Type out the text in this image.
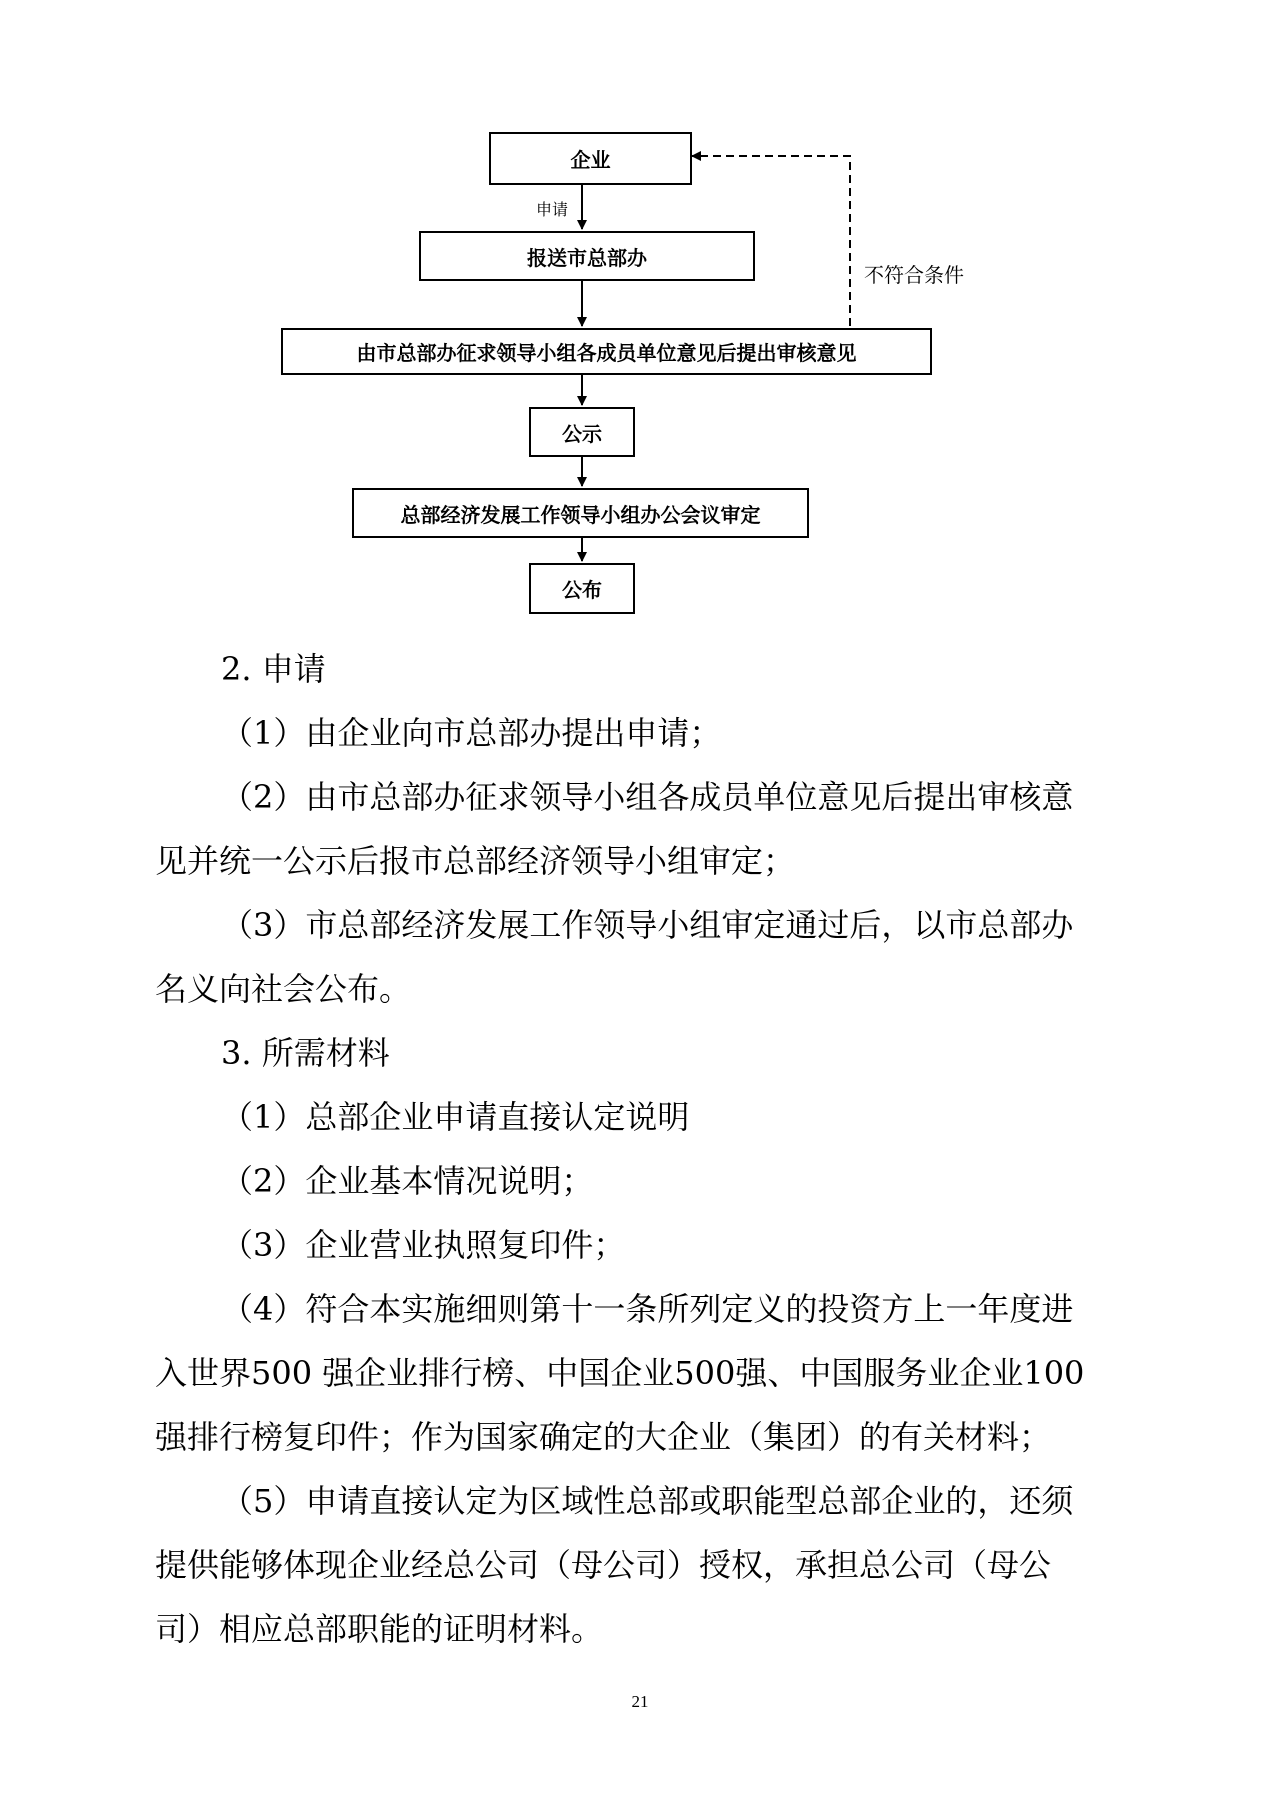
企业
申请
报送市总部办
不符合条件
由市总部办征求领导小组各成员单位意见后提出审核意见
公示
总部经济发展工作领导小组办公会议审定
公布
2. 申请
（1）由企业向市总部办提出申请；
（2）由市总部办征求领导小组各成员单位意见后提出审核意
见并统一公示后报市总部经济领导小组审定；
（3）市总部经济发展工作领导小组审定通过后，以市总部办
名义向社会公布。
3. 所需材料
（1）总部企业申请直接认定说明
（2）企业基本情况说明；
（3）企业营业执照复印件；
（4）符合本实施细则第十一条所列定义的投资方上一年度进
入世界500 强企业排行榜、中国企业500强、中国服务业企业100
强排行榜复印件；作为国家确定的大企业（集团）的有关材料；
（5）申请直接认定为区域性总部或职能型总部企业的，还须
提供能够体现企业经总公司（母公司）授权，承担总公司（母公
司）相应总部职能的证明材料。
21
